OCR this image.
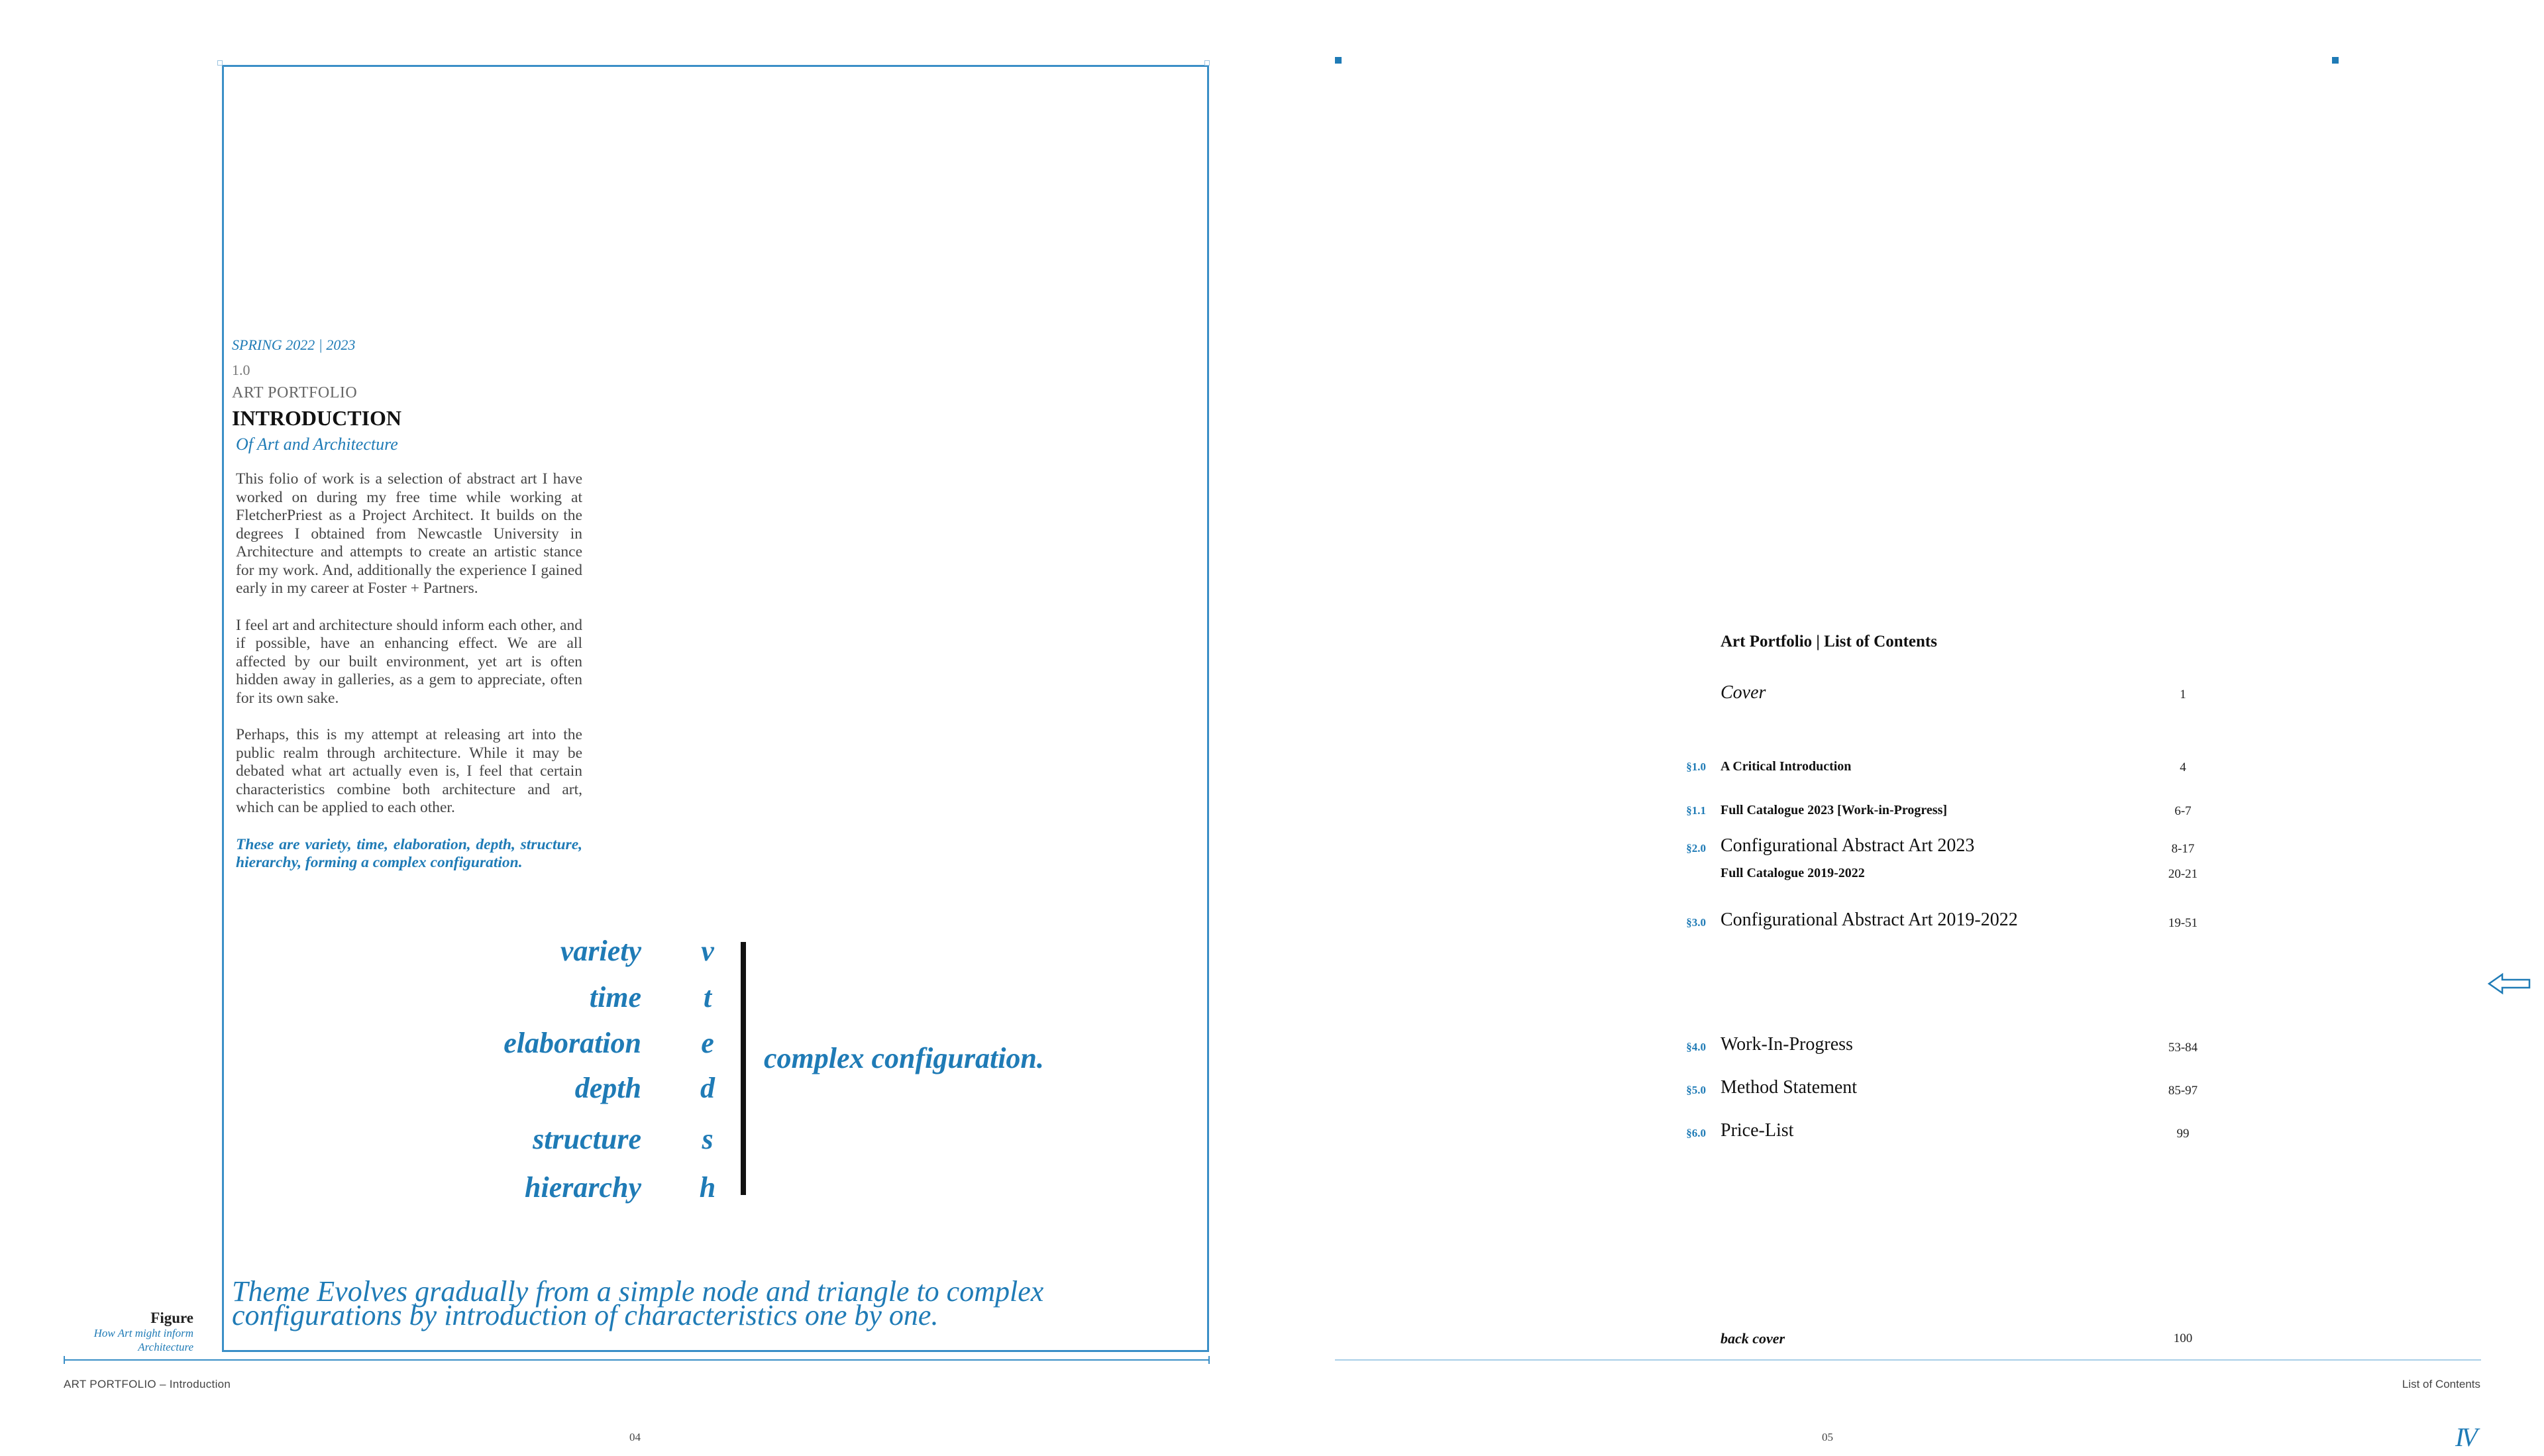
SPRING 2022 | 2023
1.0
ART PORTFOLIO
INTRODUCTION
Of Art and Architecture

This folio of work is a selection of abstract art I have worked on during my free time while working at FletcherPriest as a Project Architect. It builds on the degrees I obtained from Newcastle University in Architecture and attempts to create an artistic stance for my work. And, additionally the experience I gained early in my career at Foster + Partners.

I feel art and architecture should inform each other, and if possible, have an enhancing effect. We are all affected by our built environment, yet art is often hidden away in galleries, as a gem to appreciate, often for its own sake.

Perhaps, this is my attempt at releasing art into the public realm through architecture. While it may be debated what art actually even is, I feel that certain characteristics combine both architecture and art, which can be applied to each other.

These are variety, time, elaboration, depth, structure, hierarchy, forming a complex configuration.

variety
time
elaboration
depth
structure
hierarchy
v
t
e
d
s
h
complex configuration.
Theme Evolves gradually from a simple node and triangle to complex
configurations by introduction of characteristics one by one.
Figure
How Art might inform
Architecture
ART PORTFOLIO – Introduction
04
Art Portfolio | List of Contents
Cover	1
§1.0 A Critical Introduction	4
§1.1 Full Catalogue 2023 [Work-in-Progress]	6-7
§2.0 Configurational Abstract Art 2023	8-17
Full Catalogue 2019-2022	20-21
§3.0 Configurational Abstract Art 2019-2022	19-51
§4.0 Work-In-Progress	53-84
§5.0 Method Statement	85-97
§6.0 Price-List	99
back cover	100
List of Contents
05	IV
